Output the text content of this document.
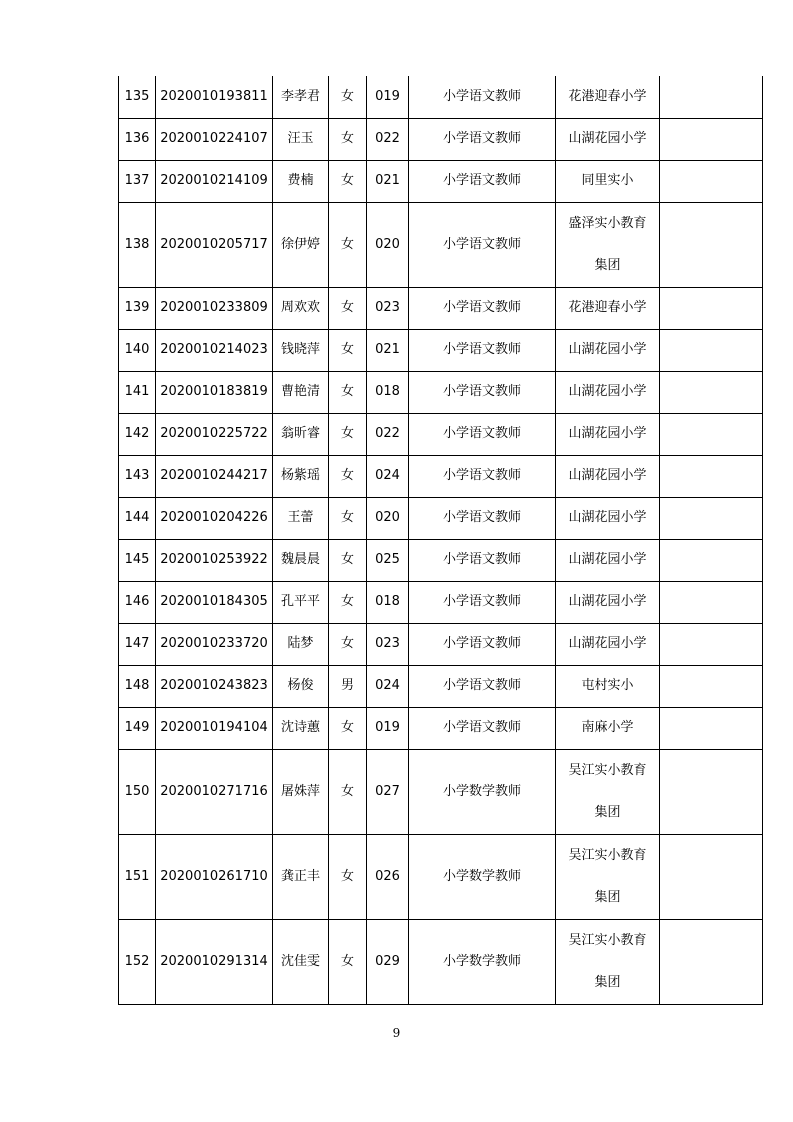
135	2020010193811	李孝君	女	019	小学语文教师	花港迎春小学	
136	2020010224107	汪玉	女	022	小学语文教师	山湖花园小学	
137	2020010214109	费楠	女	021	小学语文教师	同里实小	
138	2020010205717	徐伊婷	女	020	小学语文教师	盛泽实小教育
集团	

139	2020010233809	周欢欢	女	023	小学语文教师	花港迎春小学	
140	2020010214023	钱晓萍	女	021	小学语文教师	山湖花园小学	
141	2020010183819	曹艳清	女	018	小学语文教师	山湖花园小学	
142	2020010225722	翁昕睿	女	022	小学语文教师	山湖花园小学	
143	2020010244217	杨紫瑶	女	024	小学语文教师	山湖花园小学	
144	2020010204226	王蕾	女	020	小学语文教师	山湖花园小学	
145	2020010253922	魏晨晨	女	025	小学语文教师	山湖花园小学	
146	2020010184305	孔平平	女	018	小学语文教师	山湖花园小学	
147	2020010233720	陆梦	女	023	小学语文教师	山湖花园小学	
148	2020010243823	杨俊	男	024	小学语文教师	屯村实小	
149	2020010194104	沈诗蕙	女	019	小学语文教师	南麻小学	
150	2020010271716	屠姝萍	女	027	小学数学教师	吴江实小教育
集团	

151	2020010261710	龚正丰	女	026	小学数学教师	吴江实小教育
集团	

152	2020010291314	沈佳雯	女	029	小学数学教师	吴江实小教育
集团	

9
